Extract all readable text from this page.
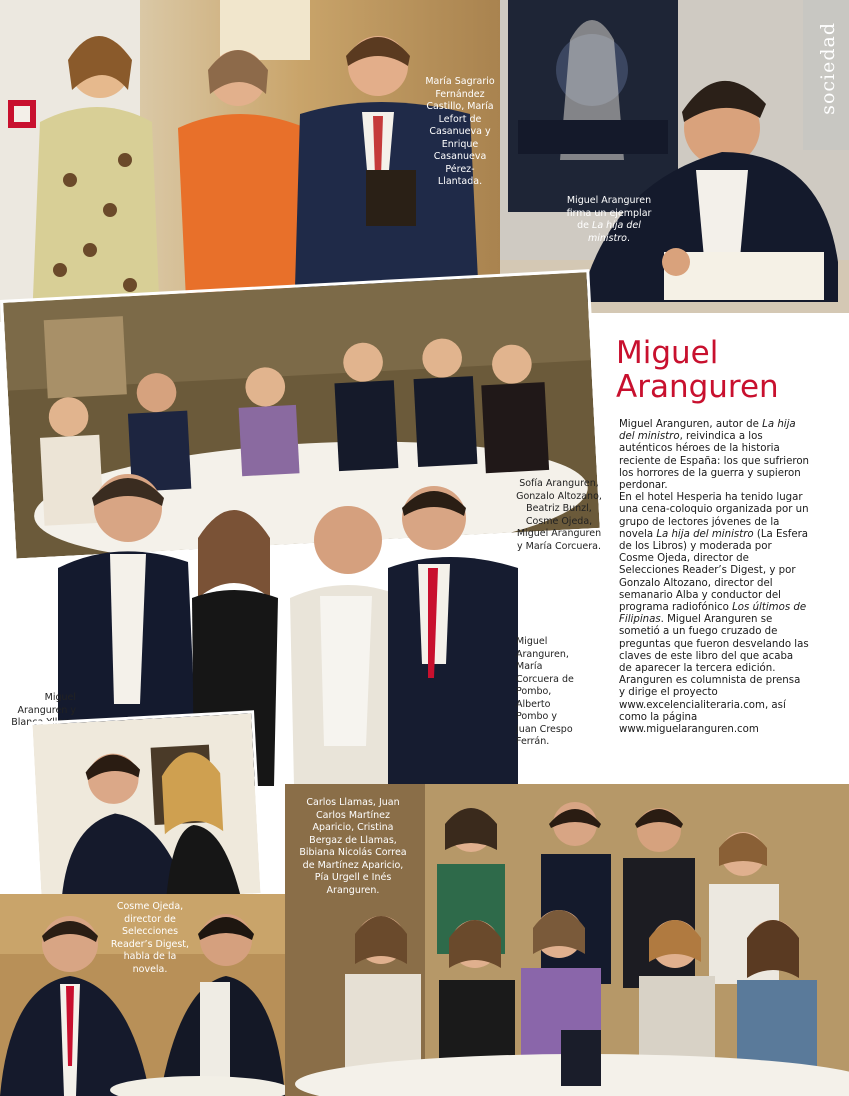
María Sagrario Fernández Castillo, María Lefort de Casanueva y Enrique Casanueva Pérez-Llantada.
sociedad
Miguel Aranguren firma un ejemplar de La hija del ministro.
Sofía Aranguren, Gonzalo Altozano, Beatriz Bunzl, Cosme Ojeda, Miguel Aranguren y María Corcuera.
Miguel Aranguren, María Corcuera de Pombo, Alberto Pombo y Juan Crespo Ferrán.
Miguel Aranguren y Blanca Yllera.
Miguel
Aranguren
Miguel Aranguren, autor de La hija del ministro, reivindica a los auténticos héroes de la historia reciente de España: los que sufrieron los horrores de la guerra y supieron perdonar.
En el hotel Hesperia ha tenido lugar una cena-coloquio organizada por un grupo de lectores jóvenes de la novela La hija del ministro (La Esfera de los Libros) y moderada por Cosme Ojeda, director de Selecciones Reader’s Digest, y por Gonzalo Altozano, director del semanario Alba y conductor del programa radiofónico Los últimos de Filipinas. Miguel Aranguren se sometió a un fuego cruzado de preguntas que fueron desvelando las claves de este libro del que acaba de aparecer la tercera edición.
Aranguren es columnista de prensa y dirige el proyecto www.excelencialiteraria.com, así como la página www.miguelaranguren.com
Cosme Ojeda, director de Selecciones Reader’s Digest, habla de la novela.
Carlos Llamas, Juan Carlos Martínez Aparicio, Cristina Bergaz de Llamas, Bibiana Nicolás Correa de Martínez Aparicio, Pía Urgell e Inés Aranguren.
